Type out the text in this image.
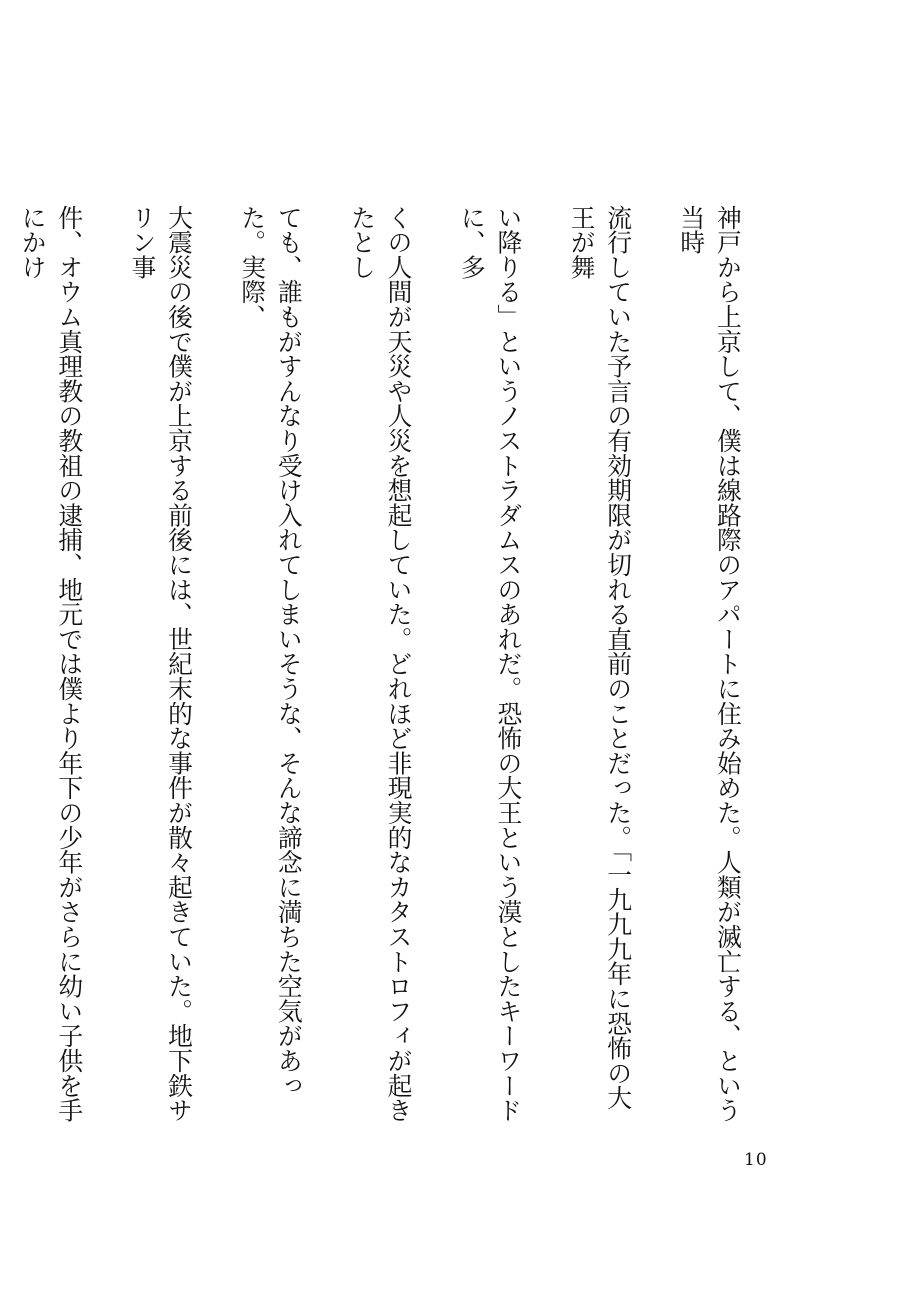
神戸から上京して、僕は線路際のアパートに住み始めた。人類が滅亡する、という当時

流行していた予言の有効期限が切れる直前のことだった。「一九九九年に恐怖の大王が舞

い降りる」というノストラダムスのあれだ。恐怖の大王という漠としたキーワードに、多

くの人間が天災や人災を想起していた。どれほど非現実的なカタストロフィが起きたとし

ても、誰もがすんなり受け入れてしまいそうな、そんな諦念に満ちた空気があった。実際、

大震災の後で僕が上京する前後には、世紀末的な事件が散々起きていた。地下鉄サリン事

件、オウム真理教の教祖の逮捕、地元では僕より年下の少年がさらに幼い子供を手にかけ

10
